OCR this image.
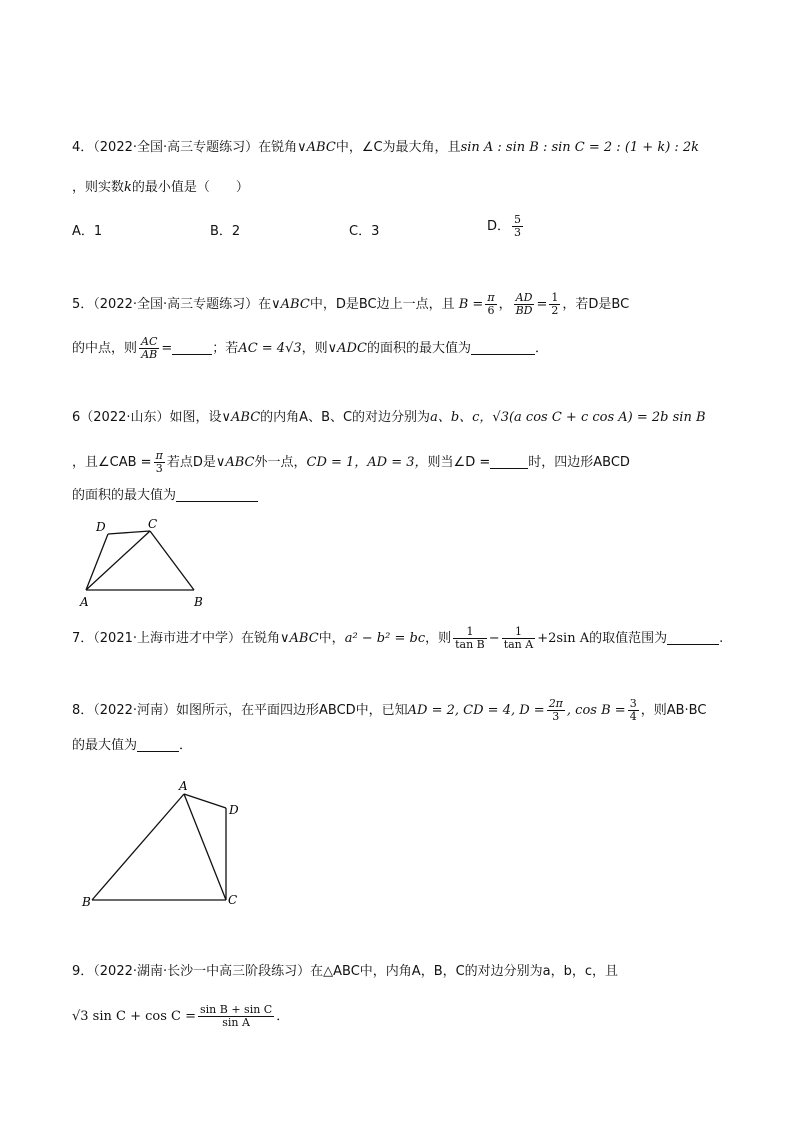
4．（2022·全国·高三专题练习）在锐角∨ABC中，∠C为最大角，且sin A : sin B : sin C = 2 : (1 + k) : 2k
，则实数k的最小值是（　　）
A．1	B．2	C．3	D． $\frac{5}{3}$
5．（2022·全国·高三专题练习）在∨ABC中，D是BC边上一点，且 $B = \frac{\pi}{6}$ ， $\frac{AD}{BD} = \frac{1}{2}$ ，若D是BC
的中点，则 $\frac{AC}{AB}$ =	；若AC = 4√3，则∨ADC的面积的最大值为	．
6（2022·山东）如图，设∨ABC的内角A、B、C的对边分别为a、b、c，√3(a cos C + c cos A) = 2b sin B
，且∠CAB = $\frac{\pi}{3}$ 若点D是∨ABC外一点，CD = 1，AD = 3，则当∠D =	时，四边形ABCD
的面积的最大值为
D	C
A	B
7．（2021·上海市进才中学）在锐角∨ABC中，a² − b² = bc，则 $\frac{1}{\text{tan B}} - \frac{1}{\text{tan A}} +2\sin$ A的取值范围为	.
8．（2022·河南）如图所示，在平面四边形ABCD中，已知AD = 2, CD = 4, $D = \frac{2\pi}{3}$ , $\cos B = \frac{3}{4}$ ，则AB·BC
的最大值为	．
A
D
B	C
9．（2022·湖南·长沙一中高三阶段练习）在△ABC中，内角A，B，C的对边分别为a，b，c，且
√3 $\sin C + \cos C = \frac{\text{sin B + sin C}}{\text{sin A}}$ ．
